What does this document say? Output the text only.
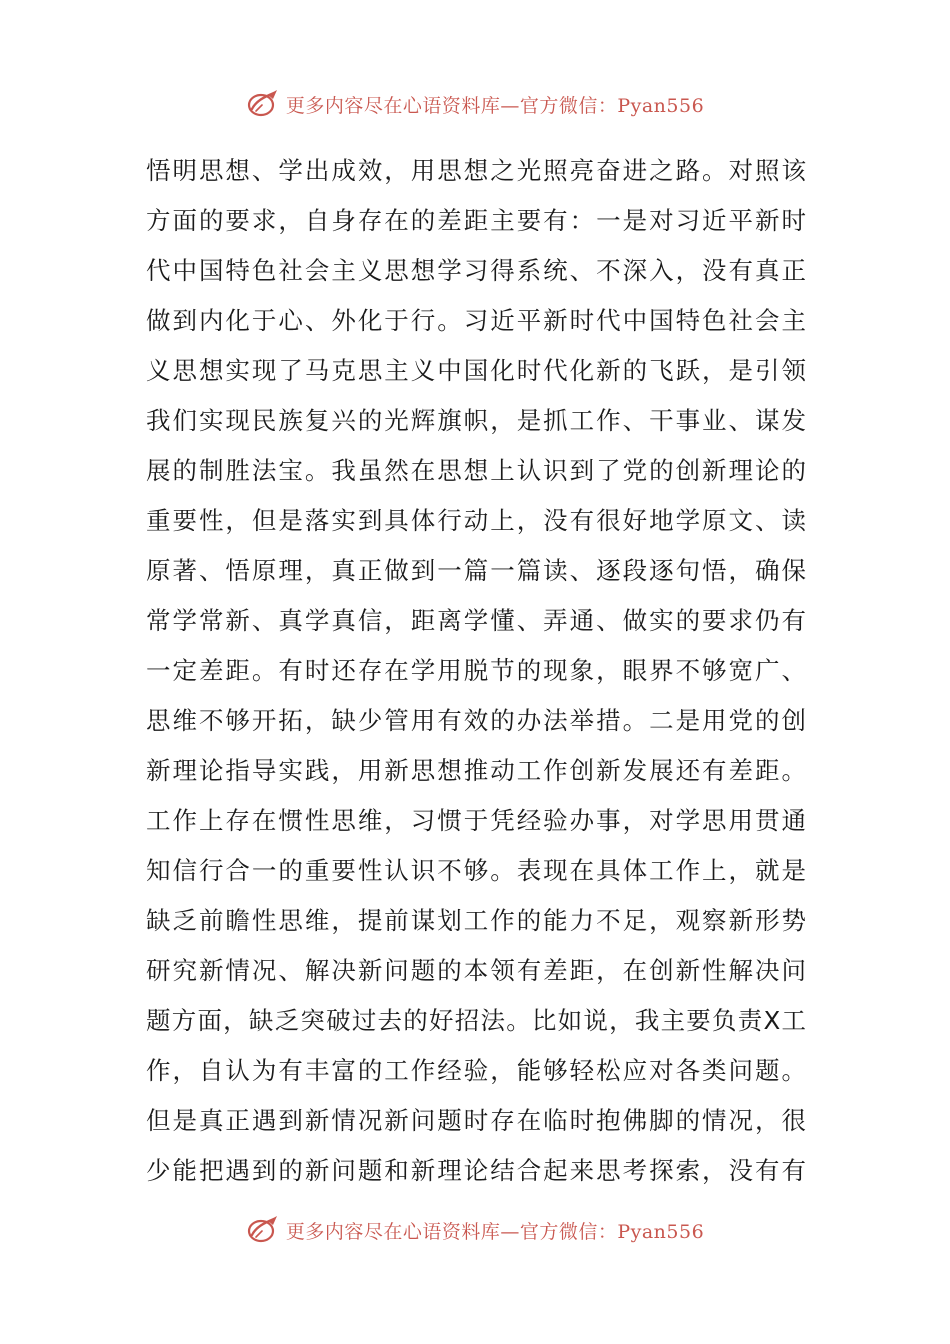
更多内容尽在心语资料库—官方微信：Pyan556
悟明思想、学出成效，用思想之光照亮奋进之路。对照该
方面的要求，自身存在的差距主要有：一是对习近平新时
代中国特色社会主义思想学习得系统、不深入，没有真正
做到内化于心、外化于行。习近平新时代中国特色社会主
义思想实现了马克思主义中国化时代化新的飞跃，是引领
我们实现民族复兴的光辉旗帜，是抓工作、干事业、谋发
展的制胜法宝。我虽然在思想上认识到了党的创新理论的
重要性，但是落实到具体行动上，没有很好地学原文、读
原著、悟原理，真正做到一篇一篇读、逐段逐句悟，确保
常学常新、真学真信，距离学懂、弄通、做实的要求仍有
一定差距。有时还存在学用脱节的现象，眼界不够宽广、
思维不够开拓，缺少管用有效的办法举措。二是用党的创
新理论指导实践，用新思想推动工作创新发展还有差距。
工作上存在惯性思维，习惯于凭经验办事，对学思用贯通
知信行合一的重要性认识不够。表现在具体工作上，就是
缺乏前瞻性思维，提前谋划工作的能力不足，观察新形势
研究新情况、解决新问题的本领有差距，在创新性解决问
题方面，缺乏突破过去的好招法。比如说，我主要负责X工
作，自认为有丰富的工作经验，能够轻松应对各类问题。
但是真正遇到新情况新问题时存在临时抱佛脚的情况，很
少能把遇到的新问题和新理论结合起来思考探索，没有有
更多内容尽在心语资料库—官方微信：Pyan556
